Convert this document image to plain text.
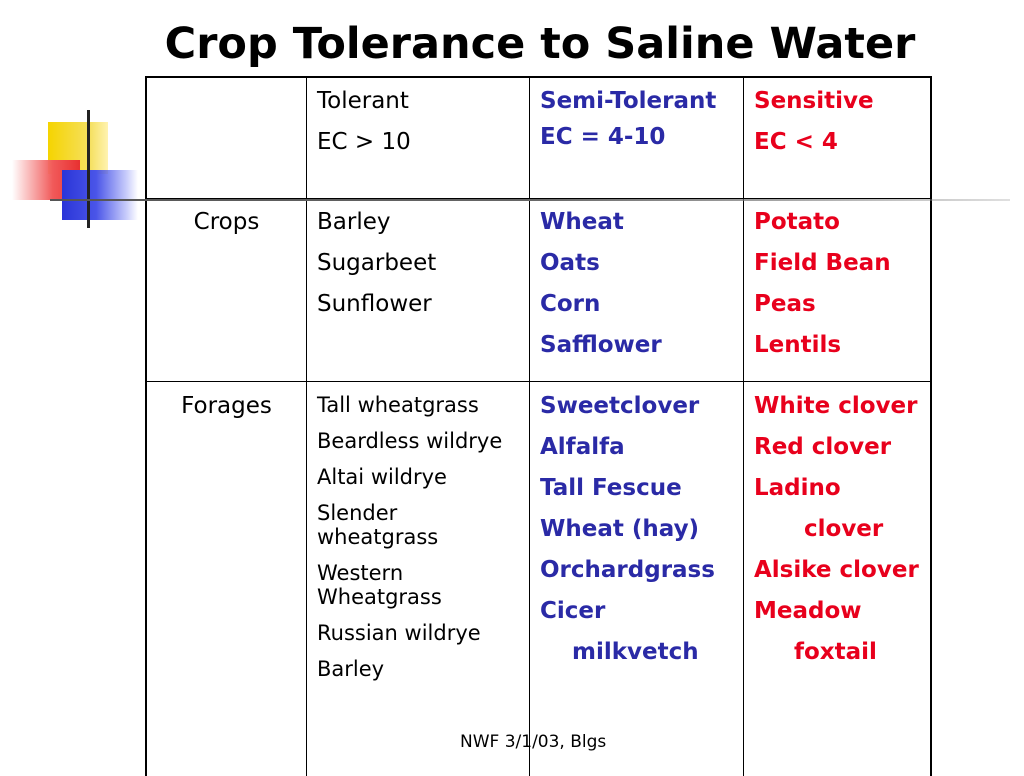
Crop Tolerance to Saline Water
Tolerant
EC > 10
Semi-Tolerant
EC = 4-10
Sensitive
EC < 4
Crops	Barley
Sugarbeet
Sunflower
Wheat
Oats
Corn
Safflower
Potato
Field Bean
Peas
Lentils
Forages	Tall wheatgrass
Beardless wildrye
Altai wildrye
Slender wheatgrass
Western Wheatgrass
Russian wildrye
Barley
Sweetclover
Alfalfa
Tall Fescue
Wheat (hay)
Orchardgrass
Cicer
milkvetch
White clover
Red clover
Ladino
clover
Alsike clover
Meadow
foxtail
NWF 3/1/03, Blgs
